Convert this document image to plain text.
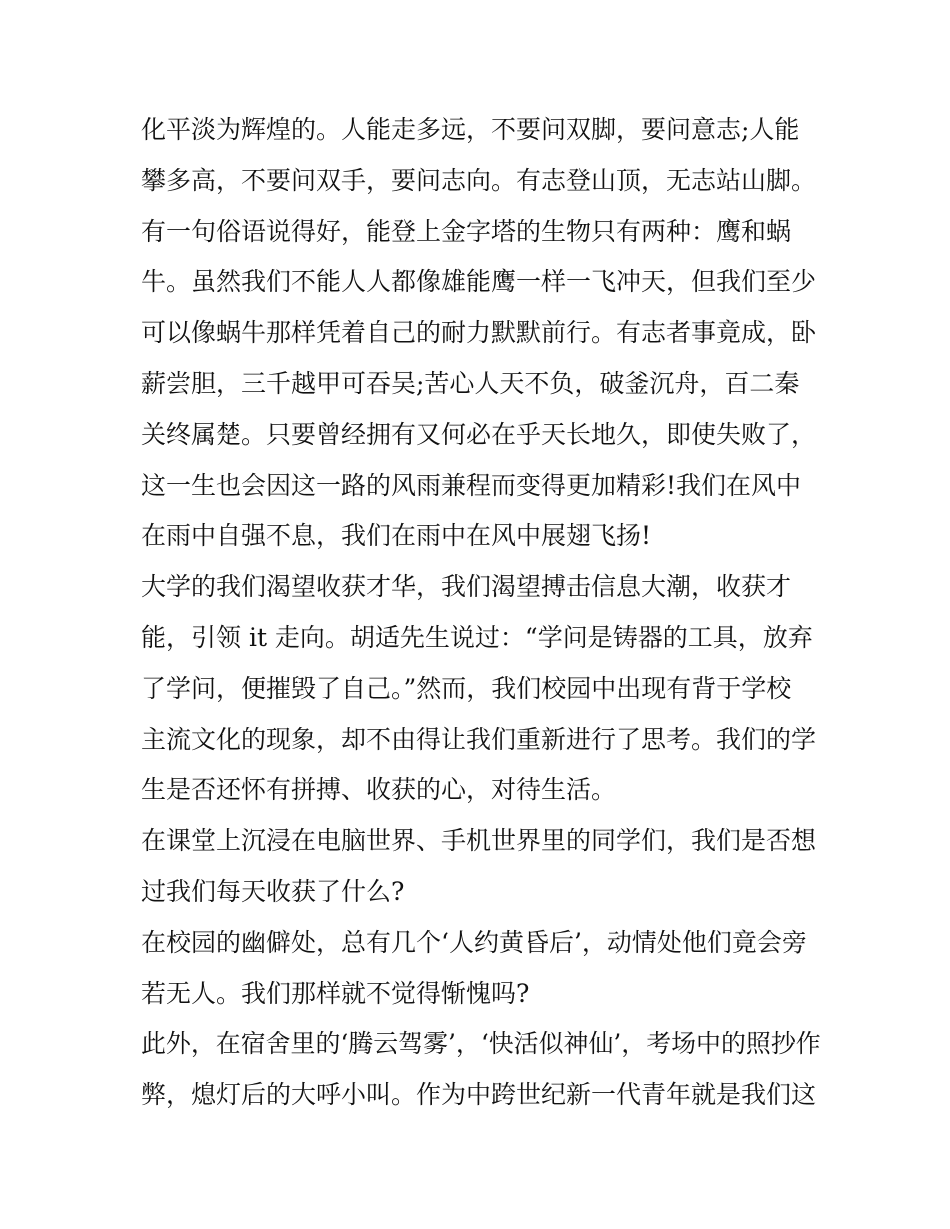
化平淡为辉煌的。人能走多远，不要问双脚，要问意志;人能
攀多高，不要问双手，要问志向。有志登山顶，无志站山脚。
有一句俗语说得好，能登上金字塔的生物只有两种：鹰和蜗
牛。虽然我们不能人人都像雄能鹰一样一飞冲天，但我们至少
可以像蜗牛那样凭着自己的耐力默默前行。有志者事竟成，卧
薪尝胆，三千越甲可吞吴;苦心人天不负，破釜沉舟，百二秦
关终属楚。只要曾经拥有又何必在乎天长地久，即使失败了，
这一生也会因这一路的风雨兼程而变得更加精彩!我们在风中
在雨中自强不息，我们在雨中在风中展翅飞扬!
大学的我们渴望收获才华，我们渴望搏击信息大潮，收获才
能，引领 it 走向。胡适先生说过：“学问是铸器的工具，放弃
了学问，便摧毁了自己。”然而，我们校园中出现有背于学校
主流文化的现象，却不由得让我们重新进行了思考。我们的学
生是否还怀有拼搏、收获的心，对待生活。
在课堂上沉浸在电脑世界、手机世界里的同学们，我们是否想
过我们每天收获了什么?
在校园的幽僻处，总有几个‘人约黄昏后’，动情处他们竟会旁
若无人。我们那样就不觉得惭愧吗?
此外，在宿舍里的‘腾云驾雾’，‘快活似神仙’，考场中的照抄作
弊，熄灯后的大呼小叫。作为中跨世纪新一代青年就是我们这
